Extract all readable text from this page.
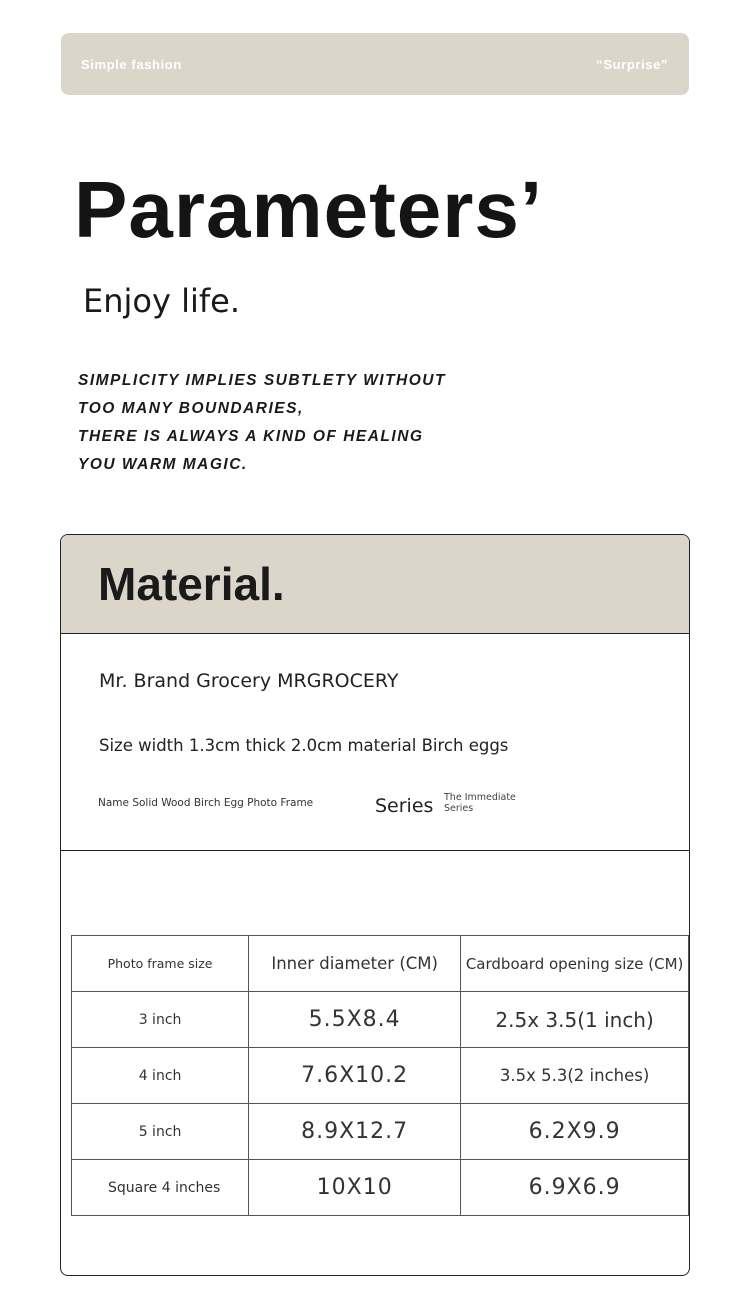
Simple fashion	“Surprise”
Parameters’

Enjoy life.

SIMPLICITY IMPLIES SUBTLETY WITHOUT
TOO MANY BOUNDARIES,
THERE IS ALWAYS A KIND OF HEALING
YOU WARM MAGIC.
Material.
Mr. Brand Grocery MRGROCERY
Size width 1.3cm thick 2.0cm material Birch eggs
Name Solid Wood Birch Egg Photo Frame	Series The Immediate Series
Photo frame size	Inner diameter (CM)	Cardboard opening size (CM)
3 inch	5.5X8.4	2.5x 3.5(1 inch)
4 inch	7.6X10.2	3.5x 5.3(2 inches)
5 inch	8.9X12.7	6.2X9.9
Square 4 inches	10X10	6.9X6.9
